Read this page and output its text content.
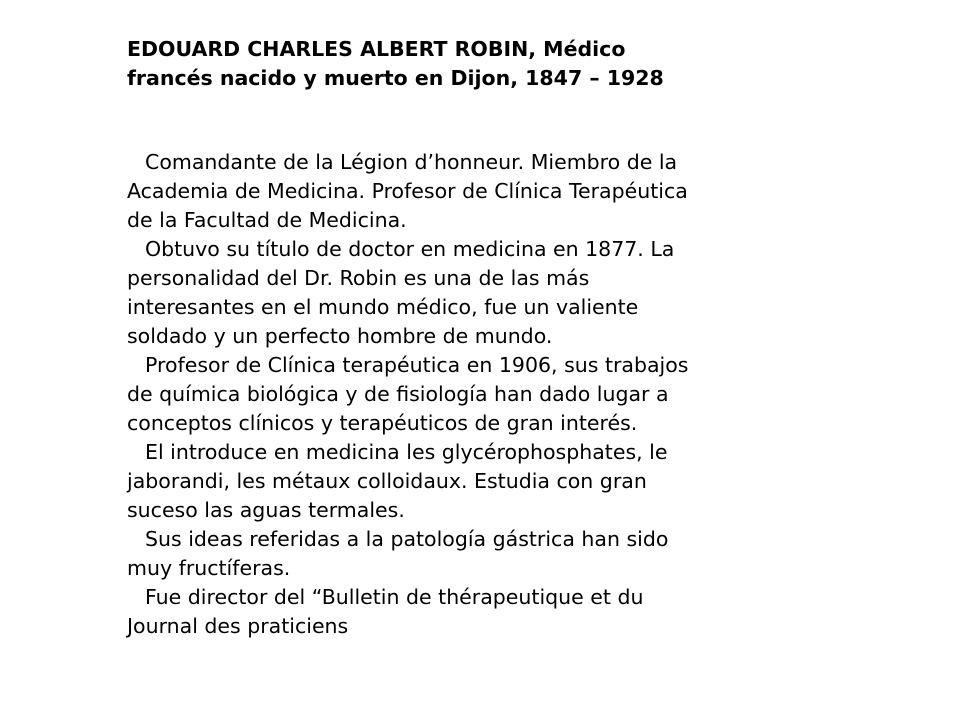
EDOUARD CHARLES ALBERT ROBIN, Médico
francés nacido y muerto en Dijon, 1847 – 1928

Comandante de la Légion d’honneur. Miembro de la
Academia de Medicina. Profesor de Clínica Terapéutica
de la Facultad de Medicina.

Obtuvo su título de doctor en medicina en 1877. La
personalidad del Dr. Robin es una de las más
interesantes en el mundo médico, fue un valiente
soldado y un perfecto hombre de mundo.

Profesor de Clínica terapéutica en 1906, sus trabajos
de química biológica y de fisiología han dado lugar a
conceptos clínicos y terapéuticos de gran interés.

El introduce en medicina les glycérophosphates, le
jaborandi, les métaux colloidaux. Estudia con gran
suceso las aguas termales.

Sus ideas referidas a la patología gástrica han sido
muy fructíferas.

Fue director del “Bulletin de thérapeutique et du
Journal des praticiens
